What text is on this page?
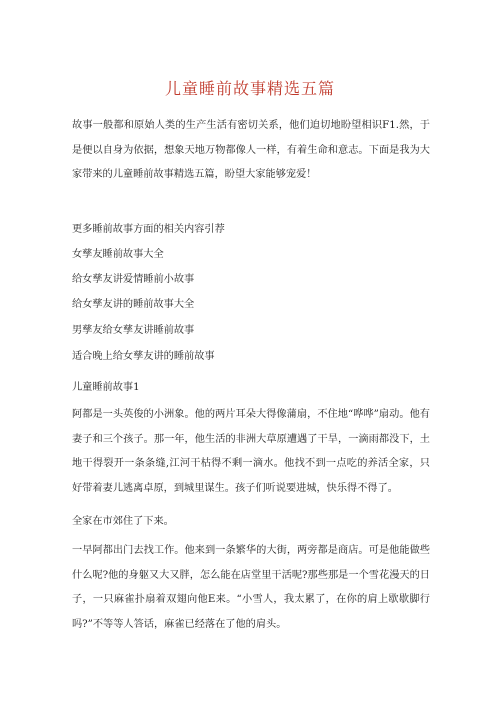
儿童睡前故事精选五篇

故事一般都和原始人类的生产生活有密切关系，他们迫切地盼望相识F1.然，于是便以自身为依据，想象天地万物都像人一样，有着生命和意志。下面是我为大家带来的儿童睡前故事精选五篇，盼望大家能够宠爱！

更多睡前故事方面的相关内容引荐

女孳友睡前故事大全

给女孳友讲爱情睡前小故事

给女孳友讲的睡前故事大全

男孳友给女孳友讲睡前故事

适合晚上给女孳友讲的睡前故事

儿童睡前故事1

阿都是一头英俊的小洲象。他的两片耳朵大得像蒲扇，不住地“哗哗”扇动。他有妻子和三个孩子。那一年，他生活的非洲大草原遭遇了干旱，一滴雨都没下，土地干得裂开一条条缝,江河干枯得不剩一滴水。他找不到一点吃的养活全家，只好带着妻儿逃离卓原，到城里谋生。孩子们听说要进城，快乐得不得了。

全家在市郊住了下来。

一早阿都出门去找工作。他来到一条繁华的大街，两旁都是商店。可是他能做些什么呢?他的身躯又大又胖，怎么能在店堂里干活呢?那些那是一个雪花漫天的日子，一只麻雀扑扇着双翅向他E来。“小雪人，我太累了，在你的肩上歇歇脚行吗?”不等等人答话，麻雀已经落在了他的肩头。
